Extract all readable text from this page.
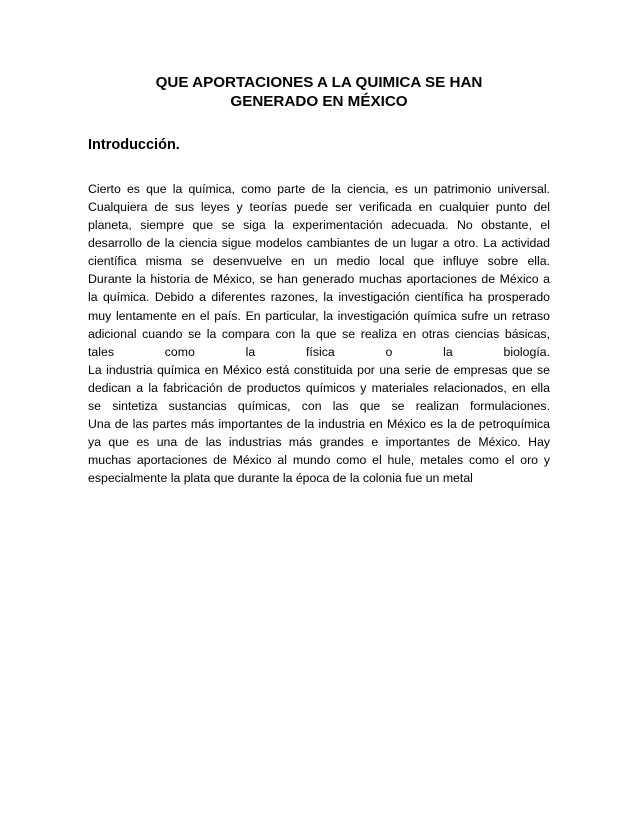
QUE APORTACIONES A LA QUIMICA SE HAN
GENERADO EN MÉXICO
Introducción.
Cierto es que la química, como parte de la ciencia, es un patrimonio universal.
Cualquiera de sus leyes y teorías puede ser verificada en cualquier punto del
planeta, siempre que se siga la experimentación adecuada. No obstante, el
desarrollo de la ciencia sigue modelos cambiantes de un lugar a otro. La actividad
científica misma se desenvuelve en un medio local que influye sobre ella.
Durante la historia de México, se han generado muchas aportaciones de México a
la química. Debido a diferentes razones, la investigación científica ha prosperado
muy lentamente en el país. En particular, la investigación química sufre un retraso
adicional cuando se la compara con la que se realiza en otras ciencias básicas,
tales como la física o la biología.
La industria química en México está constituida por una serie de empresas que se
dedican a la fabricación de productos químicos y materiales relacionados, en ella
se sintetiza sustancias químicas, con las que se realizan formulaciones.
Una de las partes más importantes de la industria en México es la de petroquímica
ya que es una de las industrias más grandes e importantes de México. Hay
muchas aportaciones de México al mundo como el hule, metales como el oro y
especialmente la plata que durante la época de la colonia fue un metal
